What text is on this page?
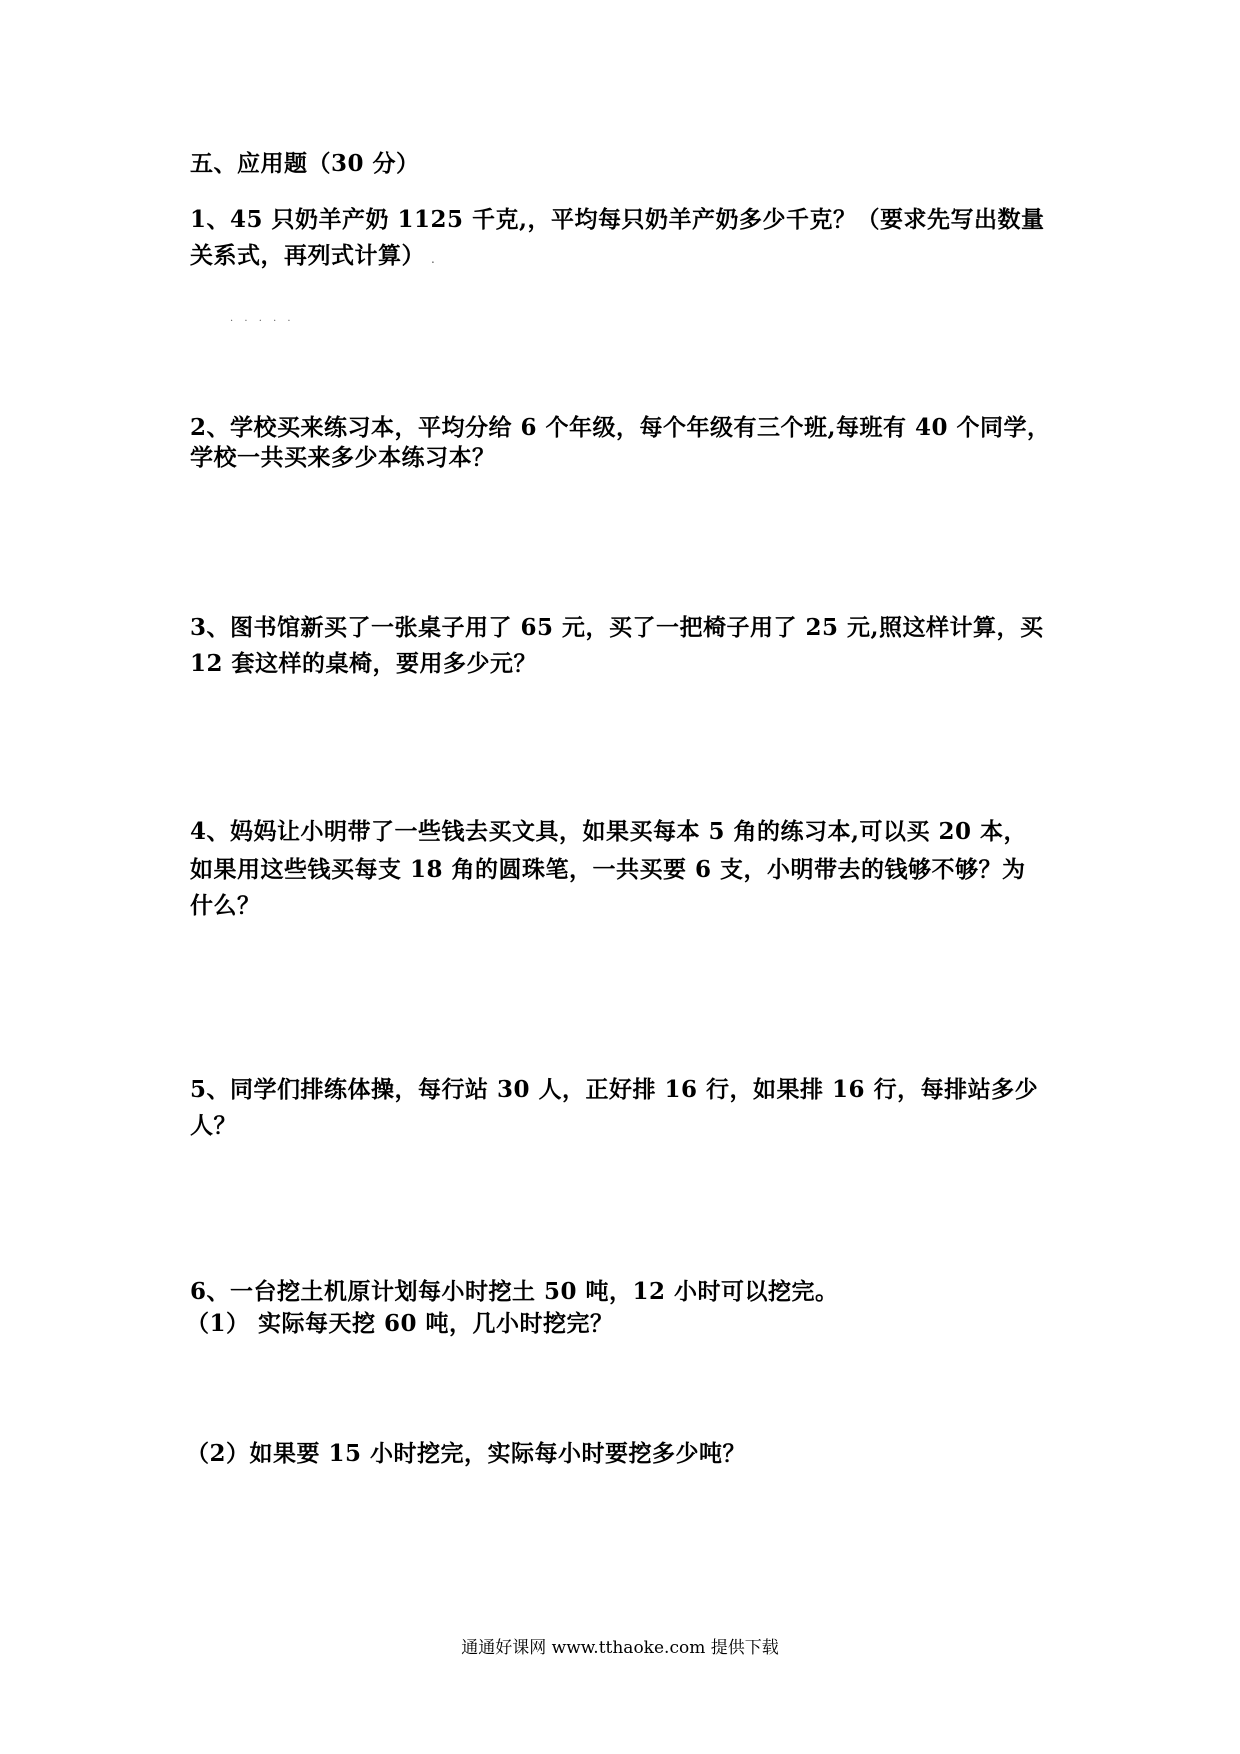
五、应用题（30 分）
1、45 只奶羊产奶 1125 千克,，平均每只奶羊产奶多少千克？（要求先写出数量
关系式，再列式计算） .
· · · · ·
2、学校买来练习本，平均分给 6 个年级，每个年级有三个班,每班有 40 个同学，
学校一共买来多少本练习本？
3、图书馆新买了一张桌子用了 65 元，买了一把椅子用了 25 元,照这样计算，买
12 套这样的桌椅，要用多少元？
4、妈妈让小明带了一些钱去买文具，如果买每本 5 角的练习本,可以买 20 本，
如果用这些钱买每支 18 角的圆珠笔，一共买要 6 支，小明带去的钱够不够？为
什么？
5、同学们排练体操，每行站 30 人，正好排 16 行，如果排 16 行，每排站多少
人？
6、一台挖土机原计划每小时挖土 50 吨，12 小时可以挖完。
（1） 实际每天挖 60 吨，几小时挖完？
（2）如果要 15 小时挖完，实际每小时要挖多少吨？
通通好课网 www.tthaoke.com 提供下载
